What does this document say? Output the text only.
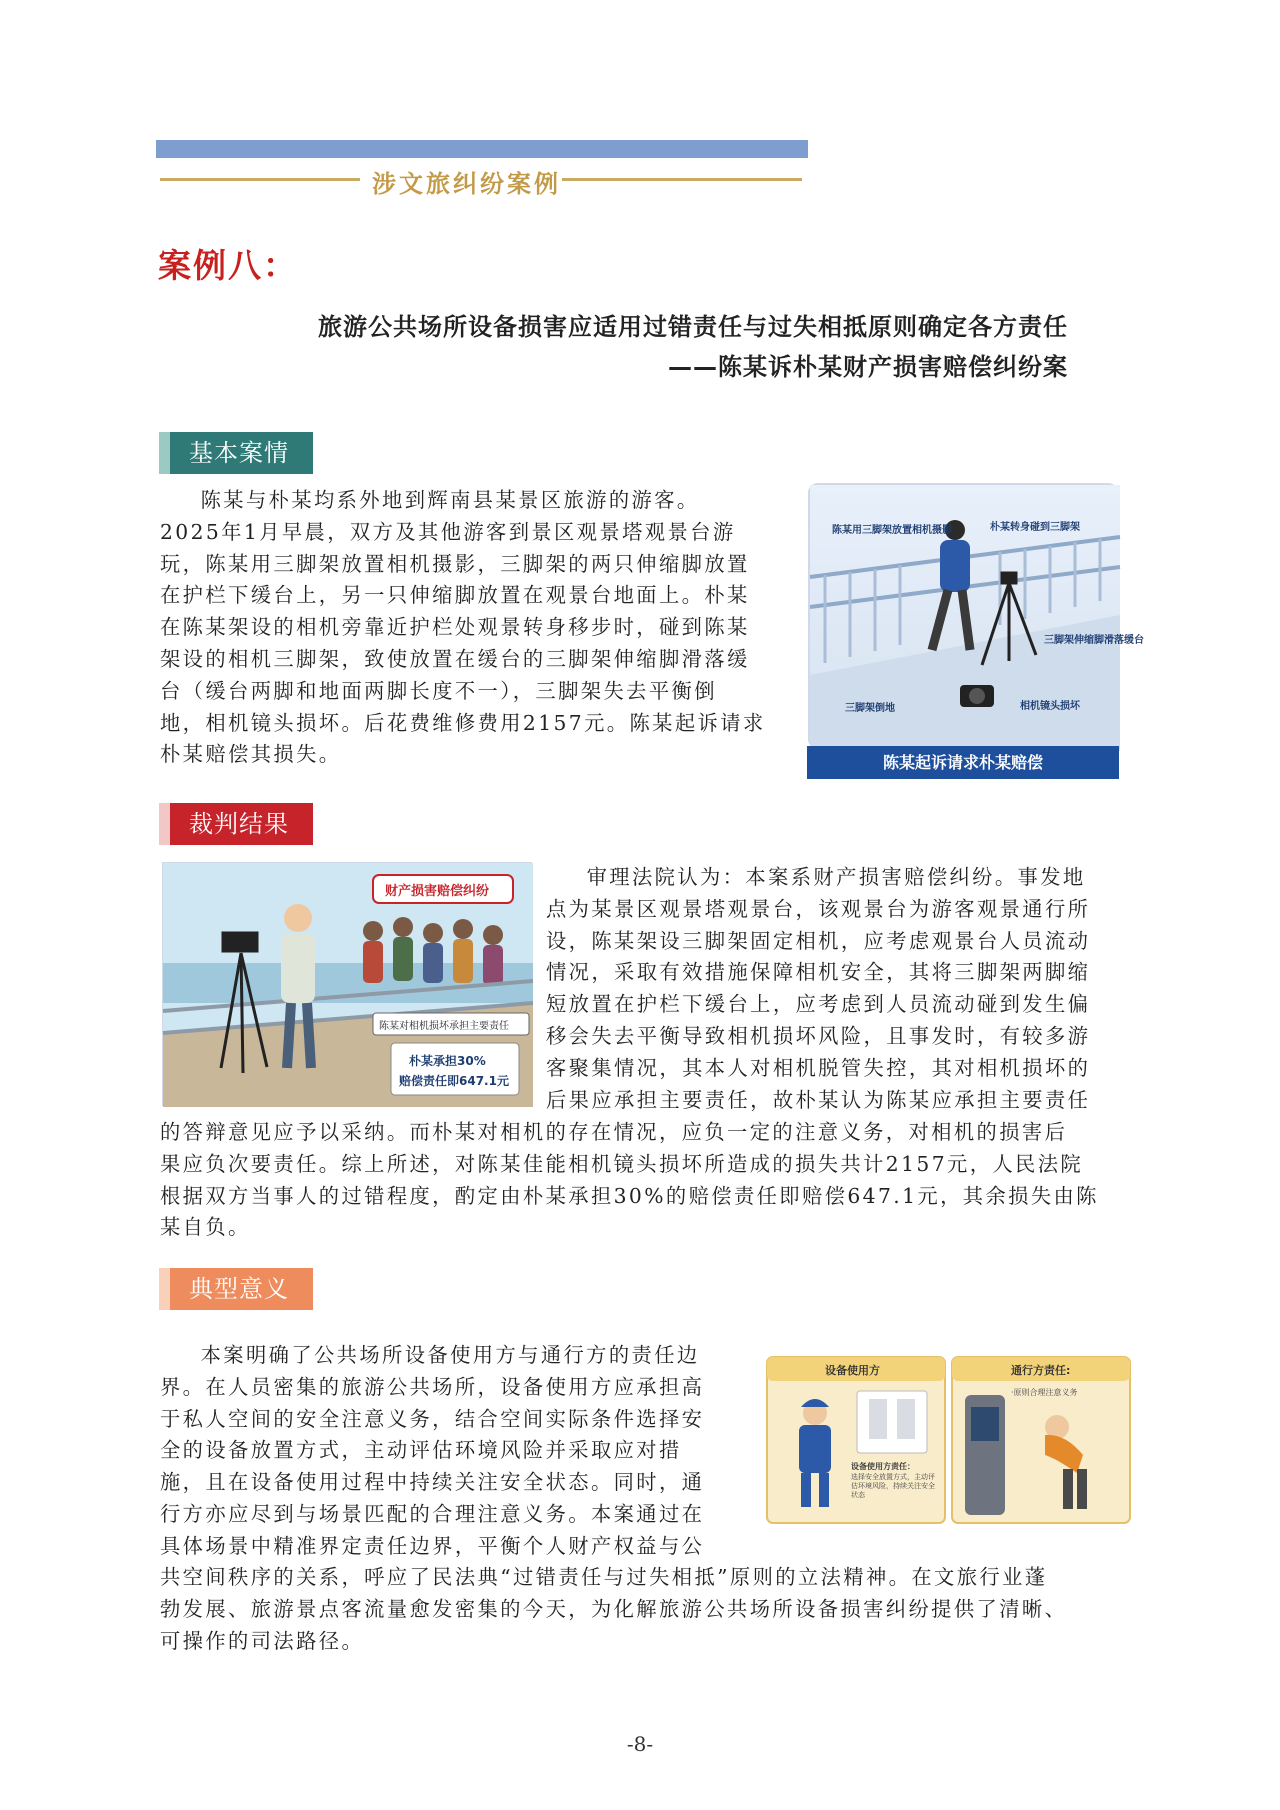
涉文旅纠纷案例
案例八：
旅游公共场所设备损害应适用过错责任与过失相抵原则确定各方责任
——陈某诉朴某财产损害赔偿纠纷案
基本案情
陈某与朴某均系外地到辉南县某景区旅游的游客。
2025年1月早晨，双方及其他游客到景区观景塔观景台游
玩，陈某用三脚架放置相机摄影，三脚架的两只伸缩脚放置
在护栏下缓台上，另一只伸缩脚放置在观景台地面上。朴某
在陈某架设的相机旁靠近护栏处观景转身移步时，碰到陈某
架设的相机三脚架，致使放置在缓台的三脚架伸缩脚滑落缓
台（缓台两脚和地面两脚长度不一），三脚架失去平衡倒
地，相机镜头损坏。后花费维修费用2157元。陈某起诉请求
朴某赔偿其损失。
陈某用三脚架放置相机摄影	朴某转身碰到三脚架
三脚架伸缩脚滑落缓台
三脚架倒地	相机镜头损坏
陈某起诉请求朴某赔偿
裁判结果
财产损害赔偿纠纷
陈某对相机损坏承担主要责任
朴某承担30%
赔偿责任即647.1元
审理法院认为：本案系财产损害赔偿纠纷。事发地
点为某景区观景塔观景台，该观景台为游客观景通行所
设，陈某架设三脚架固定相机，应考虑观景台人员流动
情况，采取有效措施保障相机安全，其将三脚架两脚缩
短放置在护栏下缓台上，应考虑到人员流动碰到发生偏
移会失去平衡导致相机损坏风险，且事发时，有较多游
客聚集情况，其本人对相机脱管失控，其对相机损坏的
后果应承担主要责任，故朴某认为陈某应承担主要责任
的答辩意见应予以采纳。而朴某对相机的存在情况，应负一定的注意义务，对相机的损害后
果应负次要责任。综上所述，对陈某佳能相机镜头损坏所造成的损失共计2157元，人民法院
根据双方当事人的过错程度，酌定由朴某承担30%的赔偿责任即赔偿647.1元，其余损失由陈
某自负。
典型意义
本案明确了公共场所设备使用方与通行方的责任边
界。在人员密集的旅游公共场所，设备使用方应承担高
于私人空间的安全注意义务，结合空间实际条件选择安
全的设备放置方式，主动评估环境风险并采取应对措
施，且在设备使用过程中持续关注安全状态。同时，通
行方亦应尽到与场景匹配的合理注意义务。本案通过在
具体场景中精准界定责任边界，平衡个人财产权益与公
设备使用方
设备使用方责任：
选择安全放置方式，主动评估环境风险，持续关注安全状态
通行方责任:
·原则合理注意义务
共空间秩序的关系，呼应了民法典“过错责任与过失相抵”原则的立法精神。在文旅行业蓬
勃发展、旅游景点客流量愈发密集的今天，为化解旅游公共场所设备损害纠纷提供了清晰、
可操作的司法路径。
-8-
